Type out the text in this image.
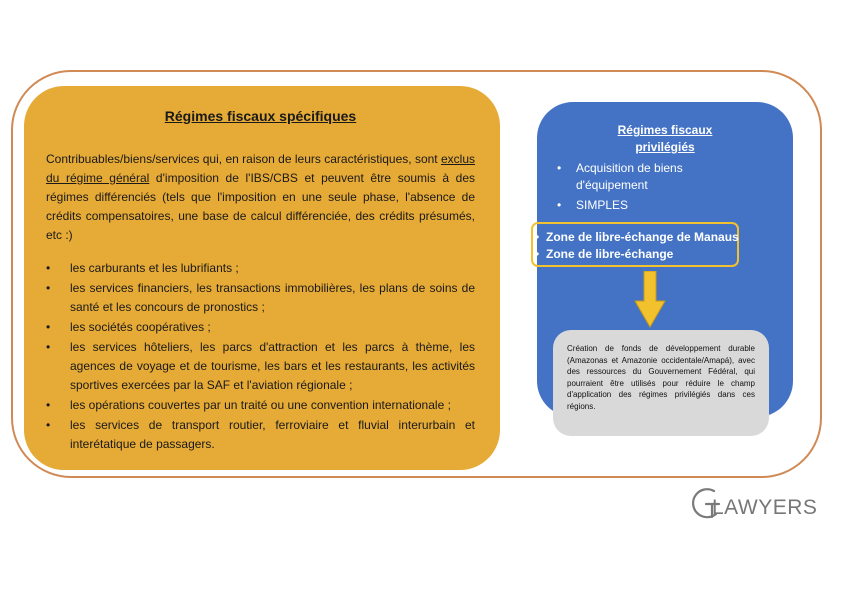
Régimes fiscaux spécifiques

Contribuables/biens/services qui, en raison de leurs caractéristiques, sont exclus du régime général d'imposition de l'IBS/CBS et peuvent être soumis à des régimes différenciés (tels que l'imposition en une seule phase, l'absence de crédits compensatoires, une base de calcul différenciée, des crédits présumés, etc :)

• les carburants et les lubrifiants ;
• les services financiers, les transactions immobilières, les plans de soins de santé et les concours de pronostics ;
• les sociétés coopératives ;
• les services hôteliers, les parcs d'attraction et les parcs à thème, les agences de voyage et de tourisme, les bars et les restaurants, les activités sportives exercées par la SAF et l'aviation régionale ;
• les opérations couvertes par un traité ou une convention internationale ;
• les services de transport routier, ferroviaire et fluvial interurbain et interétatique de passagers.
Régimes fiscaux
privilégiés
• Acquisition de biens d'équipement
• SIMPLES
• Zone de libre-échange de Manaus
• Zone de libre-échange
Création de fonds de développement durable (Amazonas et Amazonie occidentale/Amapá), avec des ressources du Gouvernement Fédéral, qui pourraient être utilisés pour réduire le champ d'application des régimes privilégiés dans ces régions.
LAWYERS
